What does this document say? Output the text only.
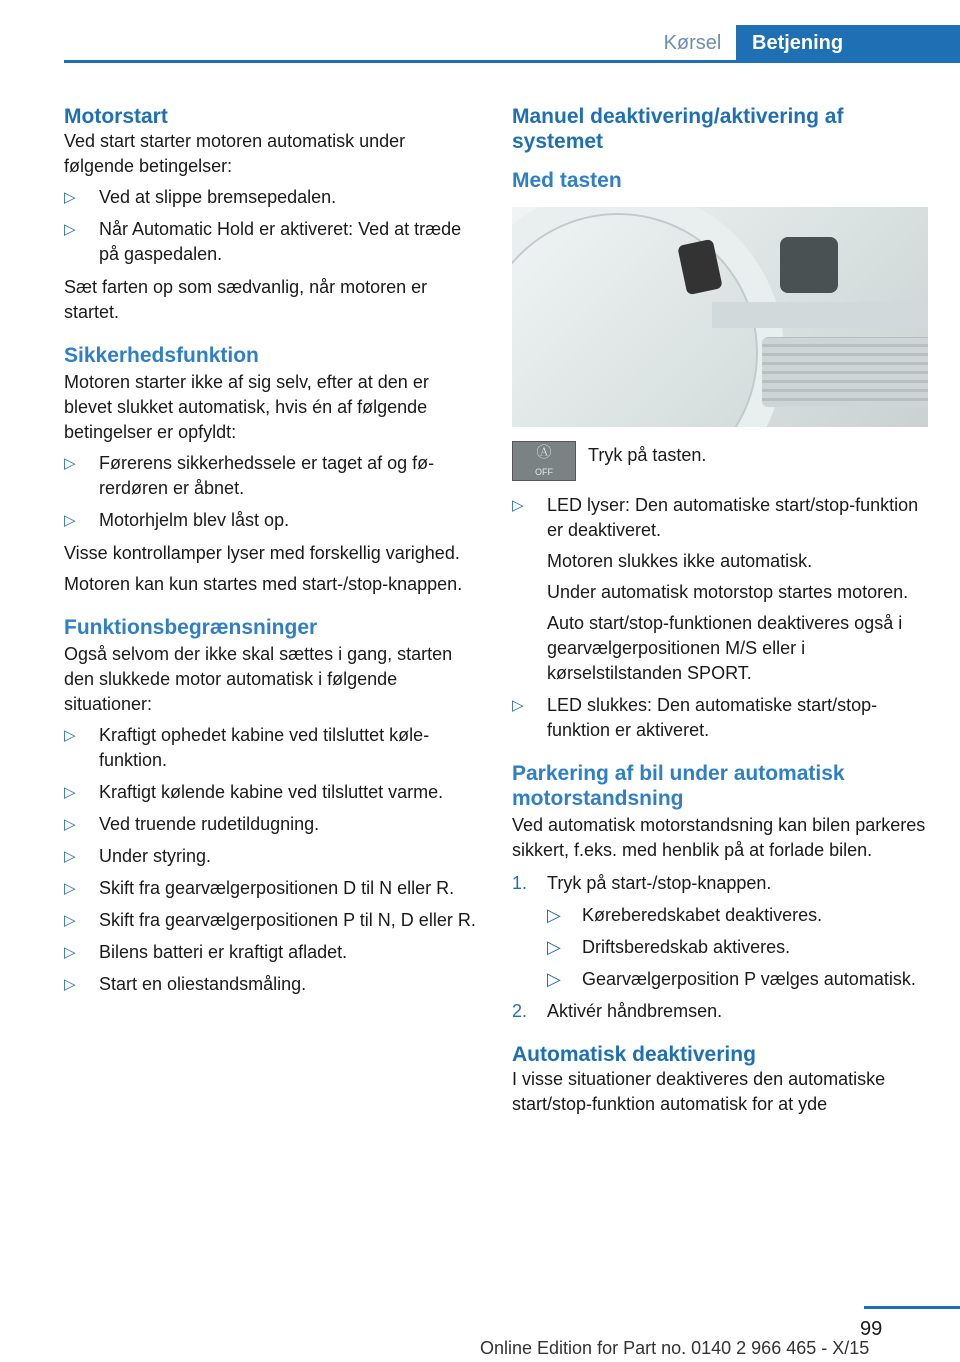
Kørsel	Betjening
Motorstart

Ved start starter motoren automatisk under følgende betingelser:

▷ Ved at slippe bremsepedalen.
▷ Når Automatic Hold er aktiveret: Ved at træde på gaspedalen.

Sæt farten op som sædvanlig, når motoren er startet.

Sikkerhedsfunktion

Motoren starter ikke af sig selv, efter at den er blevet slukket automatisk, hvis én af følgende betingelser er opfyldt:

▷ Førerens sikkerhedssele er taget af og førerdøren er åbnet.
▷ Motorhjelm blev låst op.

Visse kontrollamper lyser med forskellig varighed.

Motoren kan kun startes med start-/stop-knappen.

Funktionsbegrænsninger

Også selvom der ikke skal sættes i gang, starten den slukkede motor automatisk i følgende situationer:

▷ Kraftigt ophedet kabine ved tilsluttet kølefunktion.
▷ Kraftigt kølende kabine ved tilsluttet varme.
▷ Ved truende rudetildugning.
▷ Under styring.
▷ Skift fra gearvælgerpositionen D til N eller R.
▷ Skift fra gearvælgerpositionen P til N, D eller R.
▷ Bilens batteri er kraftigt afladet.
▷ Start en oliestandsmåling.
Manuel deaktivering/aktivering af systemet
Med tasten
Ⓐ
OFF
Tryk på tasten.
▷ LED lyser: Den automatiske start/stop-funktion er deaktiveret.
Motoren slukkes ikke automatisk.
Under automatisk motorstop startes motoren.
Auto start/stop-funktionen deaktiveres også i gearvælgerpositionen M/S eller i kørselstilstanden SPORT.
▷ LED slukkes: Den automatiske start/stop-funktion er aktiveret.
Parkering af bil under automatisk motorstandsning

Ved automatisk motorstandsning kan bilen parkeres sikkert, f.eks. med henblik på at forlade bilen.

1. Tryk på start-/stop-knappen.
▷ Køreberedskabet deaktiveres.
▷ Driftsberedskab aktiveres.
▷ Gearvælgerposition P vælges automatisk.
2. Aktivér håndbremsen.
Automatisk deaktivering

I visse situationer deaktiveres den automatiske start/stop-funktion automatisk for at yde

99
Online Edition for Part no. 0140 2 966 465 - X/15
